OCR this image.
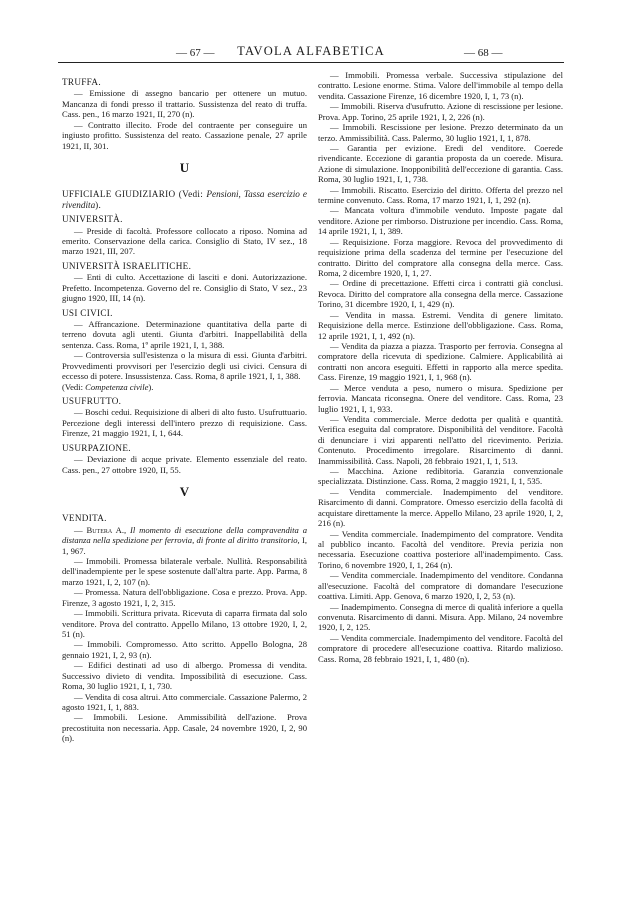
— 67 —	TAVOLA ALFABETICA	— 68 —
TRUFFA.

— Emissione di assegno bancario per ottenere un mutuo. Mancanza di fondi presso il trattario. Sussistenza del reato di truffa. Cass. pen., 16 marzo 1921, II, 270 (n).

— Contratto illecito. Frode del contraente per conseguire un ingiusto profitto. Sussistenza del reato. Cassazione penale, 27 aprile 1921, II, 301.

U
UFFICIALE GIUDIZIARIO (Vedi: Pensioni, Tassa esercizio e rivendita).
UNIVERSITÀ.

— Preside di facoltà. Professore collocato a riposo. Nomina ad emerito. Conservazione della carica. Consiglio di Stato, IV sez., 18 marzo 1921, III, 207.

UNIVERSITÀ ISRAELITICHE.

— Enti di culto. Accettazione di lasciti e doni. Autorizzazione. Prefetto. Incompetenza. Governo del re. Consiglio di Stato, V sez., 23 giugno 1920, III, 14 (n).

USI CIVICI.

— Affrancazione. Determinazione quantitativa della parte di terreno dovuta agli utenti. Giunta d'arbitri. Inappellabilità della sentenza. Cass. Roma, 1º aprile 1921, I, 1, 388.

— Controversia sull'esistenza o la misura di essi. Giunta d'arbitri. Provvedimenti provvisori per l'esercizio degli usi civici. Censura di eccesso di potere. Insussistenza. Cass. Roma, 8 aprile 1921, I, 1, 388.

(Vedi: Competenza civile).

USUFRUTTO.

— Boschi cedui. Requisizione di alberi di alto fusto. Usufruttuario. Percezione degli interessi dell'intero prezzo di requisizione. Cass. Firenze, 21 maggio 1921, I, 1, 644.

USURPAZIONE.

— Deviazione di acque private. Elemento essenziale del reato. Cass. pen., 27 ottobre 1920, II, 55.

V
VENDITA.

— Butera A., Il momento di esecuzione della compravendita a distanza nella spedizione per ferrovia, di fronte al diritto transitorio, I, 1, 967.

— Immobili. Promessa bilaterale verbale. Nullità. Responsabilità dell'inadempiente per le spese sostenute dall'altra parte. App. Parma, 8 marzo 1921, I, 2, 107 (n).

— Promessa. Natura dell'obbligazione. Cosa e prezzo. Prova. App. Firenze, 3 agosto 1921, I, 2, 315.

— Immobili. Scrittura privata. Ricevuta di caparra firmata dal solo venditore. Prova del contratto. Appello Milano, 13 ottobre 1920, I, 2, 51 (n).

— Immobili. Compromesso. Atto scritto. Appello Bologna, 28 gennaio 1921, I, 2, 93 (n).

— Edifici destinati ad uso di albergo. Promessa di vendita. Successivo divieto di vendita. Impossibilità di esecuzione. Cass. Roma, 30 luglio 1921, I, 1, 730.

— Vendita di cosa altrui. Atto commerciale. Cassazione Palermo, 2 agosto 1921, I, 1, 883.

— Immobili. Lesione. Ammissibilità dell'azione. Prova precostituita non necessaria. App. Casale, 24 novembre 1920, I, 2, 90 (n).

— Immobili. Promessa verbale. Successiva stipulazione del contratto. Lesione enorme. Stima. Valore dell'immobile al tempo della vendita. Cassazione Firenze, 16 dicembre 1920, I, 1, 73 (n).

— Immobili. Riserva d'usufrutto. Azione di rescissione per lesione. Prova. App. Torino, 25 aprile 1921, I, 2, 226 (n).

— Immobili. Rescissione per lesione. Prezzo determinato da un terzo. Ammissibilità. Cass. Palermo, 30 luglio 1921, I, 1, 878.

— Garantia per evizione. Eredi del venditore. Coerede rivendicante. Eccezione di garantia proposta da un coerede. Misura. Azione di simulazione. Inopponibilità dell'eccezione di garantia. Cass. Roma, 30 luglio 1921, I, 1, 738.

— Immobili. Riscatto. Esercizio del diritto. Offerta del prezzo nel termine convenuto. Cass. Roma, 17 marzo 1921, I, 1, 292 (n).

— Mancata voltura d'immobile venduto. Imposte pagate dal venditore. Azione per rimborso. Distruzione per incendio. Cass. Roma, 14 aprile 1921, I, 1, 389.

— Requisizione. Forza maggiore. Revoca del provvedimento di requisizione prima della scadenza del termine per l'esecuzione del contratto. Diritto del compratore alla consegna della merce. Cass. Roma, 2 dicembre 1920, I, 1, 27.

— Ordine di precettazione. Effetti circa i contratti già conclusi. Revoca. Diritto del compratore alla consegna della merce. Cassazione Torino, 31 dicembre 1920, I, 1, 429 (n).

— Vendita in massa. Estremi. Vendita di genere limitato. Requisizione della merce. Estinzione dell'obbligazione. Cass. Roma, 12 aprile 1921, I, 1, 492 (n).

— Vendita da piazza a piazza. Trasporto per ferrovia. Consegna al compratore della ricevuta di spedizione. Calmiere. Applicabilità ai contratti non ancora eseguiti. Effetti in rapporto alla merce spedita. Cass. Firenze, 19 maggio 1921, I, 1, 968 (n).

— Merce venduta a peso, numero o misura. Spedizione per ferrovia. Mancata riconsegna. Onere del venditore. Cass. Roma, 23 luglio 1921, I, 1, 933.

— Vendita commerciale. Merce dedotta per qualità e quantità. Verifica eseguita dal compratore. Disponibilità del venditore. Facoltà di denunciare i vizi apparenti nell'atto del ricevimento. Perizia. Contenuto. Procedimento irregolare. Risarcimento di danni. Inammissibilità. Cass. Napoli, 28 febbraio 1921, I, 1, 513.

— Macchina. Azione redibitoria. Garanzia convenzionale specializzata. Distinzione. Cass. Roma, 2 maggio 1921, I, 1, 535.

— Vendita commerciale. Inadempimento del venditore. Risarcimento di danni. Compratore. Omesso esercizio della facoltà di acquistare direttamente la merce. Appello Milano, 23 aprile 1920, I, 2, 216 (n).

— Vendita commerciale. Inadempimento del compratore. Vendita al pubblico incanto. Facoltà del venditore. Previa perizia non necessaria. Esecuzione coattiva posteriore all'inadempimento. Cass. Torino, 6 novembre 1920, I, 1, 264 (n).

— Vendita commerciale. Inadempimento del venditore. Condanna all'esecuzione. Facoltà del compratore di domandare l'esecuzione coattiva. Limiti. App. Genova, 6 marzo 1920, I, 2, 53 (n).

— Inadempimento. Consegna di merce di qualità inferiore a quella convenuta. Risarcimento di danni. Misura. App. Milano, 24 novembre 1920, I, 2, 125.

— Vendita commerciale. Inadempimento del venditore. Facoltà del compratore di procedere all'esecuzione coattiva. Ritardo malizioso. Cass. Roma, 28 febbraio 1921, I, 1, 480 (n).
